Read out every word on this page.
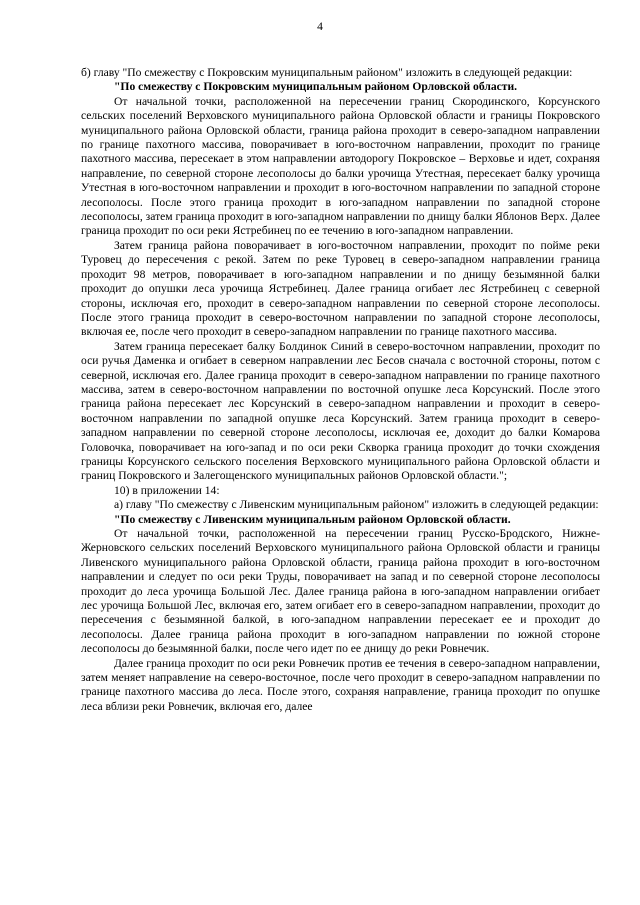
4

б) главу "По смежеству с Покровским муниципальным районом" изложить в следующей редакции:

"По смежеству с Покровским муниципальным районом Орловской области.

От начальной точки, расположенной на пересечении границ Скородинского, Корсунского сельских поселений Верховского муниципального района Орловской области и границы Покровского муниципального района Орловской области, граница района проходит в северо-западном направлении по границе пахотного массива, поворачивает в юго-восточном направлении, проходит по границе пахотного массива, пересекает в этом направлении автодорогу Покровское – Верховье и идет, сохраняя направление, по северной стороне лесополосы до балки урочища Утестная, пересекает балку урочища Утестная в юго-восточном направлении и проходит в юго-восточном направлении по западной стороне лесополосы. После этого граница проходит в юго-западном направлении по западной стороне лесополосы, затем граница проходит в юго-западном направлении по днищу балки Яблонов Верх. Далее граница проходит по оси реки Ястребинец по ее течению в юго-западном направлении.

Затем граница района поворачивает в юго-восточном направлении, проходит по пойме реки Туровец до пересечения с рекой. Затем по реке Туровец в северо-западном направлении граница проходит 98 метров, поворачивает в юго-западном направлении и по днищу безымянной балки проходит до опушки леса урочища Ястребинец. Далее граница огибает лес Ястребинец с северной стороны, исключая его, проходит в северо-западном направлении по северной стороне лесополосы. После этого граница проходит в северо-восточном направлении по западной стороне лесополосы, включая ее, после чего проходит в северо-западном направлении по границе пахотного массива.

Затем граница пересекает балку Болдинок Синий в северо-восточном направлении, проходит по оси ручья Даменка и огибает в северном направлении лес Бесов сначала с восточной стороны, потом с северной, исключая его. Далее граница проходит в северо-западном направлении по границе пахотного массива, затем в северо-восточном направлении по восточной опушке леса Корсунский. После этого граница района пересекает лес Корсунский в северо-западном направлении и проходит в северо-восточном направлении по западной опушке леса Корсунский. Затем граница проходит в северо-западном направлении по северной стороне лесополосы, исключая ее, доходит до балки Комарова Головочка, поворачивает на юго-запад и по оси реки Скворка граница проходит до точки схождения границы Корсунского сельского поселения Верховского муниципального района Орловской области и границ Покровского и Залегощенского муниципальных районов Орловской области.";

10) в приложении 14:

а) главу "По смежеству с Ливенским муниципальным районом" изложить в следующей редакции:

"По смежеству с Ливенским муниципальным районом Орловской области.

От начальной точки, расположенной на пересечении границ Русско-Бродского, Нижне-Жерновского сельских поселений Верховского муниципального района Орловской области и границы Ливенского муниципального района Орловской области, граница района проходит в юго-восточном направлении и следует по оси реки Труды, поворачивает на запад и по северной стороне лесополосы проходит до леса урочища Большой Лес. Далее граница района в юго-западном направлении огибает лес урочища Большой Лес, включая его, затем огибает его в северо-западном направлении, проходит до пересечения с безымянной балкой, в юго-западном направлении пересекает ее и проходит до лесополосы. Далее граница района проходит в юго-западном направлении по южной стороне лесополосы до безымянной балки, после чего идет по ее днищу до реки Ровнечик.

Далее граница проходит по оси реки Ровнечик против ее течения в северо-западном направлении, затем меняет направление на северо-восточное, после чего проходит в северо-западном направлении по границе пахотного массива до леса. После этого, сохраняя направление, граница проходит по опушке леса вблизи реки Ровнечик, включая его, далее
